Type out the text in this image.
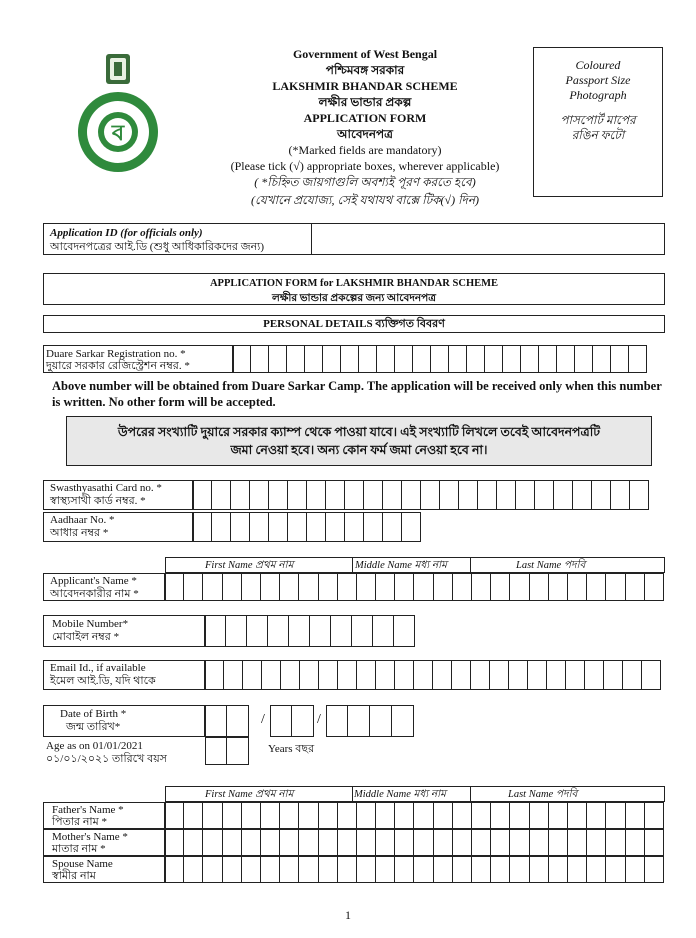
Government of West Bengal
পশ্চিমবঙ্গ সরকার
LAKSHMIR BHANDAR SCHEME
লক্ষীর ভান্ডার প্রকল্প
APPLICATION FORM
আবেদনপত্র
(*Marked fields are mandatory)
(Please tick (√) appropriate boxes, wherever applicable)
( *চিহ্নিত জায়গাগুলি অবশ্যই পূরণ করতে হবে)
(যেখানে প্রযোজ্য, সেই যথাযথ বাক্সে টিক(√) দিন)
ব
Coloured
Passport Size
Photograph
পাসপোর্ট মাপের
রঙিন ফটো
Application ID (for officials only)
আবেদনপত্রের আই.ডি (শুধু আধিকারিকদের জন্য)
APPLICATION FORM for LAKSHMIR BHANDAR SCHEME
লক্ষীর ভান্ডার প্রকল্পের জন্য আবেদনপত্র
PERSONAL DETAILS ব্যক্তিগত বিবরণ
Duare Sarkar Registration no. *
দুয়ারে সরকার রেজিস্ট্রেশন নম্বর. *
Above number will be obtained from Duare Sarkar Camp. The application will be received only when this number is written. No other form will be accepted.
উপরের সংখ্যাটি দুয়ারে সরকার ক্যাম্প থেকে পাওয়া যাবে। এই সংখ্যাটি লিখলে তবেই আবেদনপত্রটি
জমা নেওয়া হবে। অন্য কোন ফর্ম জমা নেওয়া হবে না।
Swasthyasathi Card no. *
স্বাস্থ্যসাথী কার্ড নম্বর. *
Aadhaar No. *
আধার নম্বর *
First Name প্রথম নাম	Middle Name মধ্য নাম	Last Name পদবি
Applicant's Name *
আবেদনকারীর নাম *
Mobile Number*
মোবাইল নম্বর *
Email Id., if available
ইমেল আই.ডি, যদি থাকে
Date of Birth *
জন্ম তারিখ*	/	/
Age as on 01/01/2021
০১/০১/২০২১ তারিখে বয়স
Years বছর
First Name প্রথম নাম	Middle Name মধ্য নাম	Last Name পদবি
Father's Name *
পিতার নাম *
Mother's Name *
মাতার নাম *
Spouse Name
স্বামীর নাম
1
